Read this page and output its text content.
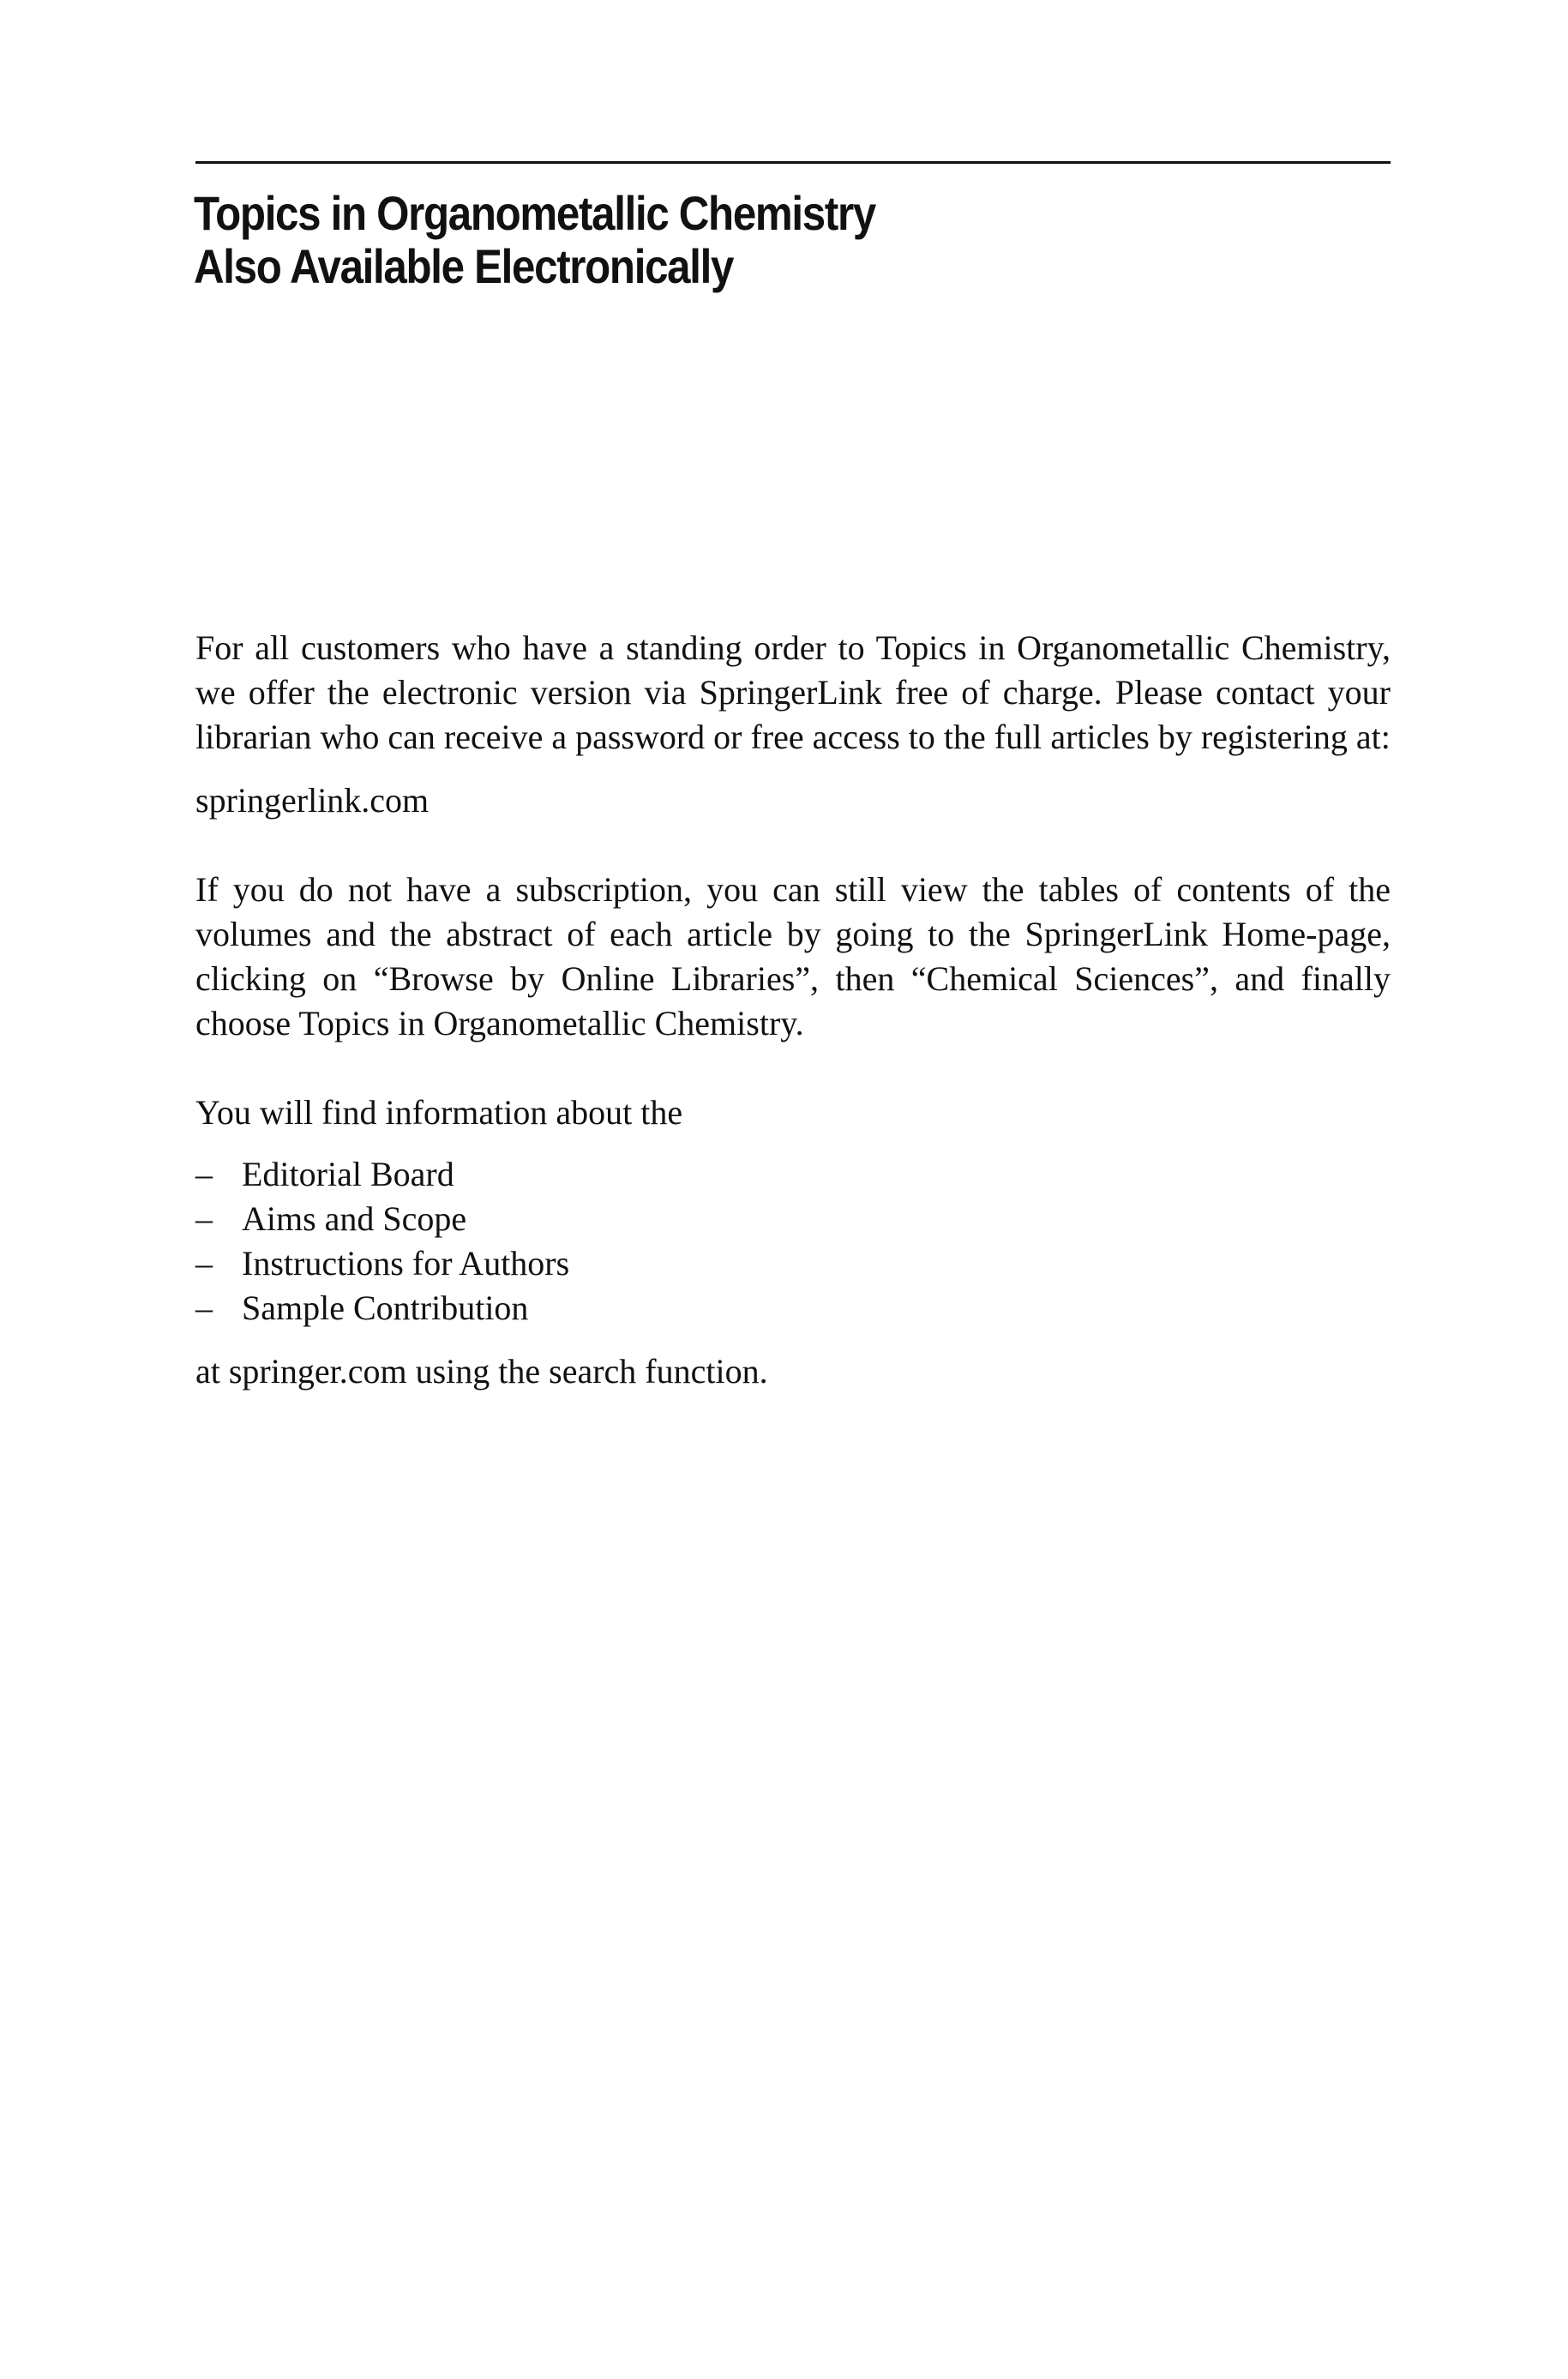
Topics in Organometallic Chemistry
Also Available Electronically

For all customers who have a standing order to Topics in Organometallic Chemistry, we offer the electronic version via SpringerLink free of charge. Please contact your librarian who can receive a password or free access to the full articles by registering at:

springerlink.com

If you do not have a subscription, you can still view the tables of contents of the volumes and the abstract of each article by going to the SpringerLink Home-page, clicking on “Browse by Online Libraries”, then “Chemical Sciences”, and finally choose Topics in Organometallic Chemistry.

You will find information about the

– Editorial Board
– Aims and Scope
– Instructions for Authors
– Sample Contribution

at springer.com using the search function.
